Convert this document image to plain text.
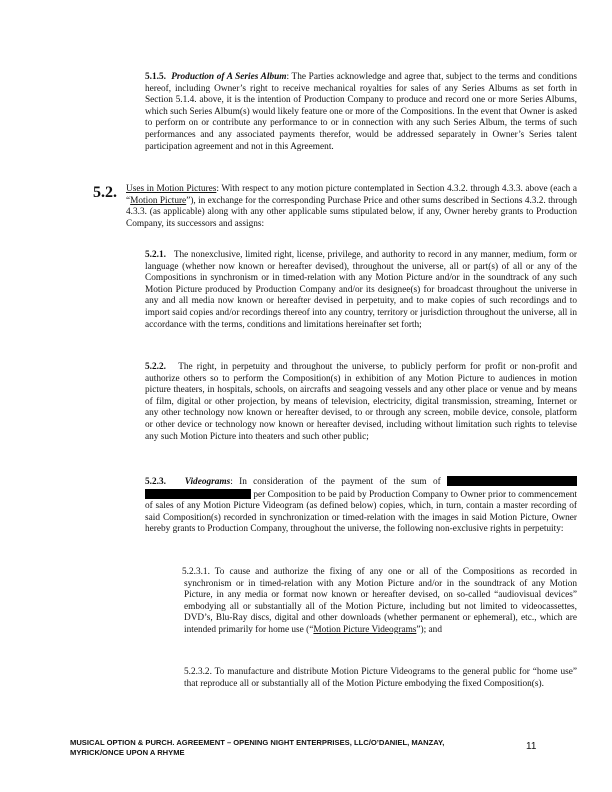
5.1.5. Production of A Series Album: The Parties acknowledge and agree that, subject to the terms and conditions hereof, including Owner’s right to receive mechanical royalties for sales of any Series Albums as set forth in Section 5.1.4. above, it is the intention of Production Company to produce and record one or more Series Albums, which such Series Album(s) would likely feature one or more of the Compositions. In the event that Owner is asked to perform on or contribute any performance to or in connection with any such Series Album, the terms of such performances and any associated payments therefor, would be addressed separately in Owner’s Series talent participation agreement and not in this Agreement.

5.2. Uses in Motion Pictures: With respect to any motion picture contemplated in Section 4.3.2. through 4.3.3. above (each a “Motion Picture”), in exchange for the corresponding Purchase Price and other sums described in Sections 4.3.2. through 4.3.3. (as applicable) along with any other applicable sums stipulated below, if any, Owner hereby grants to Production Company, its successors and assigns:

5.2.1. The nonexclusive, limited right, license, privilege, and authority to record in any manner, medium, form or language (whether now known or hereafter devised), throughout the universe, all or part(s) of all or any of the Compositions in synchronism or in timed-relation with any Motion Picture and/or in the soundtrack of any such Motion Picture produced by Production Company and/or its designee(s) for broadcast throughout the universe in any and all media now known or hereafter devised in perpetuity, and to make copies of such recordings and to import said copies and/or recordings thereof into any country, territory or jurisdiction throughout the universe, all in accordance with the terms, conditions and limitations hereinafter set forth;

5.2.2. The right, in perpetuity and throughout the universe, to publicly perform for profit or non-profit and authorize others so to perform the Composition(s) in exhibition of any Motion Picture to audiences in motion picture theaters, in hospitals, schools, on aircrafts and seagoing vessels and any other place or venue and by means of film, digital or other projection, by means of television, electricity, digital transmission, streaming, Internet or any other technology now known or hereafter devised, to or through any screen, mobile device, console, platform or other device or technology now known or hereafter devised, including without limitation such rights to televise any such Motion Picture into theaters and such other public;

5.2.3. Videograms: In consideration of the payment of the sum of   per Composition to be paid by Production Company to Owner prior to commencement of sales of any Motion Picture Videogram (as defined below) copies, which, in turn, contain a master recording of said Composition(s) recorded in synchronization or timed-relation with the images in said Motion Picture, Owner hereby grants to Production Company, throughout the universe, the following non-exclusive rights in perpetuity:

5.2.3.1. To cause and authorize the fixing of any one or all of the Compositions as recorded in synchronism or in timed-relation with any Motion Picture and/or in the soundtrack of any Motion Picture, in any media or format now known or hereafter devised, on so-called “audiovisual devices” embodying all or substantially all of the Motion Picture, including but not limited to videocassettes, DVD’s, Blu-Ray discs, digital and other downloads (whether permanent or ephemeral), etc., which are intended primarily for home use (“Motion Picture Videograms”); and

5.2.3.2. To manufacture and distribute Motion Picture Videograms to the general public for “home use” that reproduce all or substantially all of the Motion Picture embodying the fixed Composition(s).

MUSICAL OPTION & PURCH. AGREEMENT – OPENING NIGHT ENTERPRISES, LLC/O’DANIEL, MANZAY,
MYRICK/ONCE UPON A RHYME
11
